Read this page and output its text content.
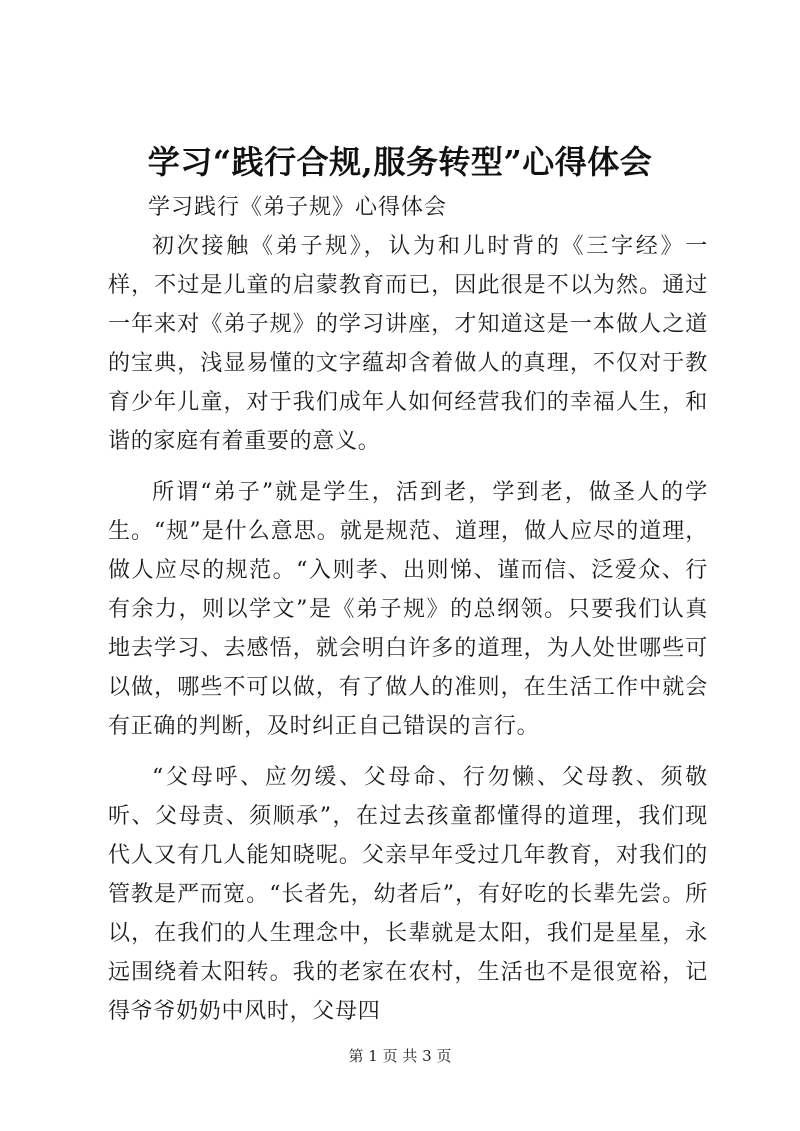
学习“践行合规,服务转型”心得体会
学习践行《弟子规》心得体会

初次接触《弟子规》，认为和儿时背的《三字经》一样，不过是儿童的启蒙教育而已，因此很是不以为然。通过一年来对《弟子规》的学习讲座，才知道这是一本做人之道的宝典，浅显易懂的文字蕴却含着做人的真理，不仅对于教育少年儿童，对于我们成年人如何经营我们的幸福人生，和谐的家庭有着重要的意义。

所谓“弟子”就是学生，活到老，学到老，做圣人的学生。“规”是什么意思。就是规范、道理，做人应尽的道理，做人应尽的规范。“入则孝、出则悌、谨而信、泛爱众、行有余力，则以学文”是《弟子规》的总纲领。只要我们认真地去学习、去感悟，就会明白许多的道理，为人处世哪些可以做，哪些不可以做，有了做人的准则，在生活工作中就会有正确的判断，及时纠正自己错误的言行。

“父母呼、应勿缓、父母命、行勿懒、父母教、须敬听、父母责、须顺承”，在过去孩童都懂得的道理，我们现代人又有几人能知晓呢。父亲早年受过几年教育，对我们的管教是严而宽。“长者先，幼者后”，有好吃的长辈先尝。所以，在我们的人生理念中，长辈就是太阳，我们是星星，永远围绕着太阳转。我的老家在农村，生活也不是很宽裕，记得爷爷奶奶中风时，父母四

第 1 页 共 3 页
